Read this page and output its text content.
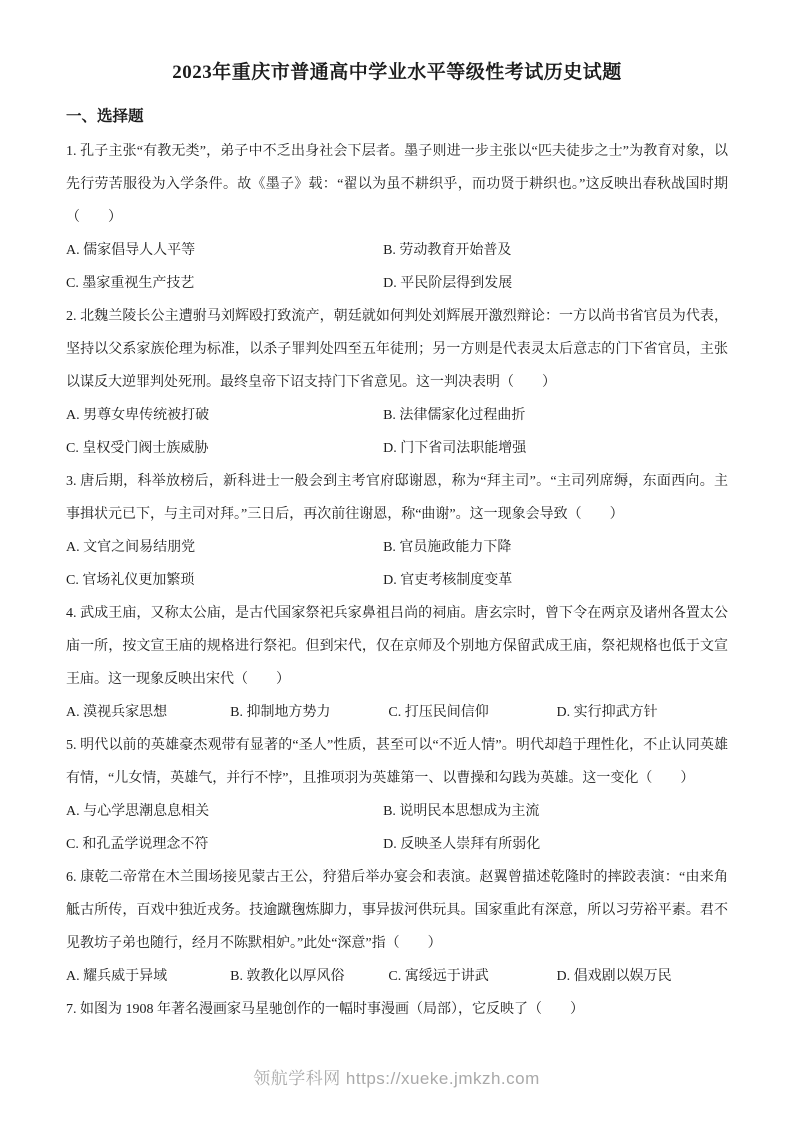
2023年重庆市普通高中学业水平等级性考试历史试题
一、选择题

1. 孔子主张“有教无类”，弟子中不乏出身社会下层者。墨子则进一步主张以“匹夫徒步之士”为教育对象，以先行劳苦服役为入学条件。故《墨子》载：“翟以为虽不耕织乎，而功贤于耕织也。”这反映出春秋战国时期（　　）

A. 儒家倡导人人平等	B. 劳动教育开始普及
C. 墨家重视生产技艺	D. 平民阶层得到发展

2. 北魏兰陵长公主遭驸马刘辉殴打致流产，朝廷就如何判处刘辉展开激烈辩论：一方以尚书省官员为代表，坚持以父系家族伦理为标准，以杀子罪判处四至五年徒刑；另一方则是代表灵太后意志的门下省官员，主张以谋反大逆罪判处死刑。最终皇帝下诏支持门下省意见。这一判决表明（　　）

A. 男尊女卑传统被打破	B. 法律儒家化过程曲折
C. 皇权受门阀士族威胁	D. 门下省司法职能增强

3. 唐后期，科举放榜后，新科进士一般会到主考官府邸谢恩，称为“拜主司”。“主司列席缛，东面西向。主事揖状元已下，与主司对拜。”三日后，再次前往谢恩，称“曲谢”。这一现象会导致（　　）

A. 文官之间易结朋党	B. 官员施政能力下降
C. 官场礼仪更加繁琐	D. 官吏考核制度变革

4. 武成王庙，又称太公庙，是古代国家祭祀兵家鼻祖吕尚的祠庙。唐玄宗时，曾下令在两京及诸州各置太公庙一所，按文宣王庙的规格进行祭祀。但到宋代，仅在京师及个别地方保留武成王庙，祭祀规格也低于文宣王庙。这一现象反映出宋代（　　）

A. 漠视兵家思想	B. 抑制地方势力	C. 打压民间信仰	D. 实行抑武方针

5. 明代以前的英雄豪杰观带有显著的“圣人”性质，甚至可以“不近人情”。明代却趋于理性化，不止认同英雄有情，“儿女情，英雄气，并行不悖”，且推项羽为英雄第一、以曹操和勾践为英雄。这一变化（　　）

A. 与心学思潮息息相关	B. 说明民本思想成为主流
C. 和孔孟学说理念不符	D. 反映圣人崇拜有所弱化

6. 康乾二帝常在木兰围场接见蒙古王公，狩猎后举办宴会和表演。赵翼曾描述乾隆时的摔跤表演：“由来角觝古所传，百戏中独近戎务。技逾蹴毱炼脚力，事异拔河供玩具。国家重此有深意，所以习劳裕平素。君不见教坊子弟也随行，经月不陈默相妒。”此处“深意”指（　　）

A. 耀兵威于异域	B. 敦教化以厚风俗	C. 寓绥远于讲武	D. 倡戏剧以娱万民

7. 如图为 1908 年著名漫画家马星驰创作的一幅时事漫画（局部），它反映了（　　）

领航学科网 https://xueke.jmkzh.com
